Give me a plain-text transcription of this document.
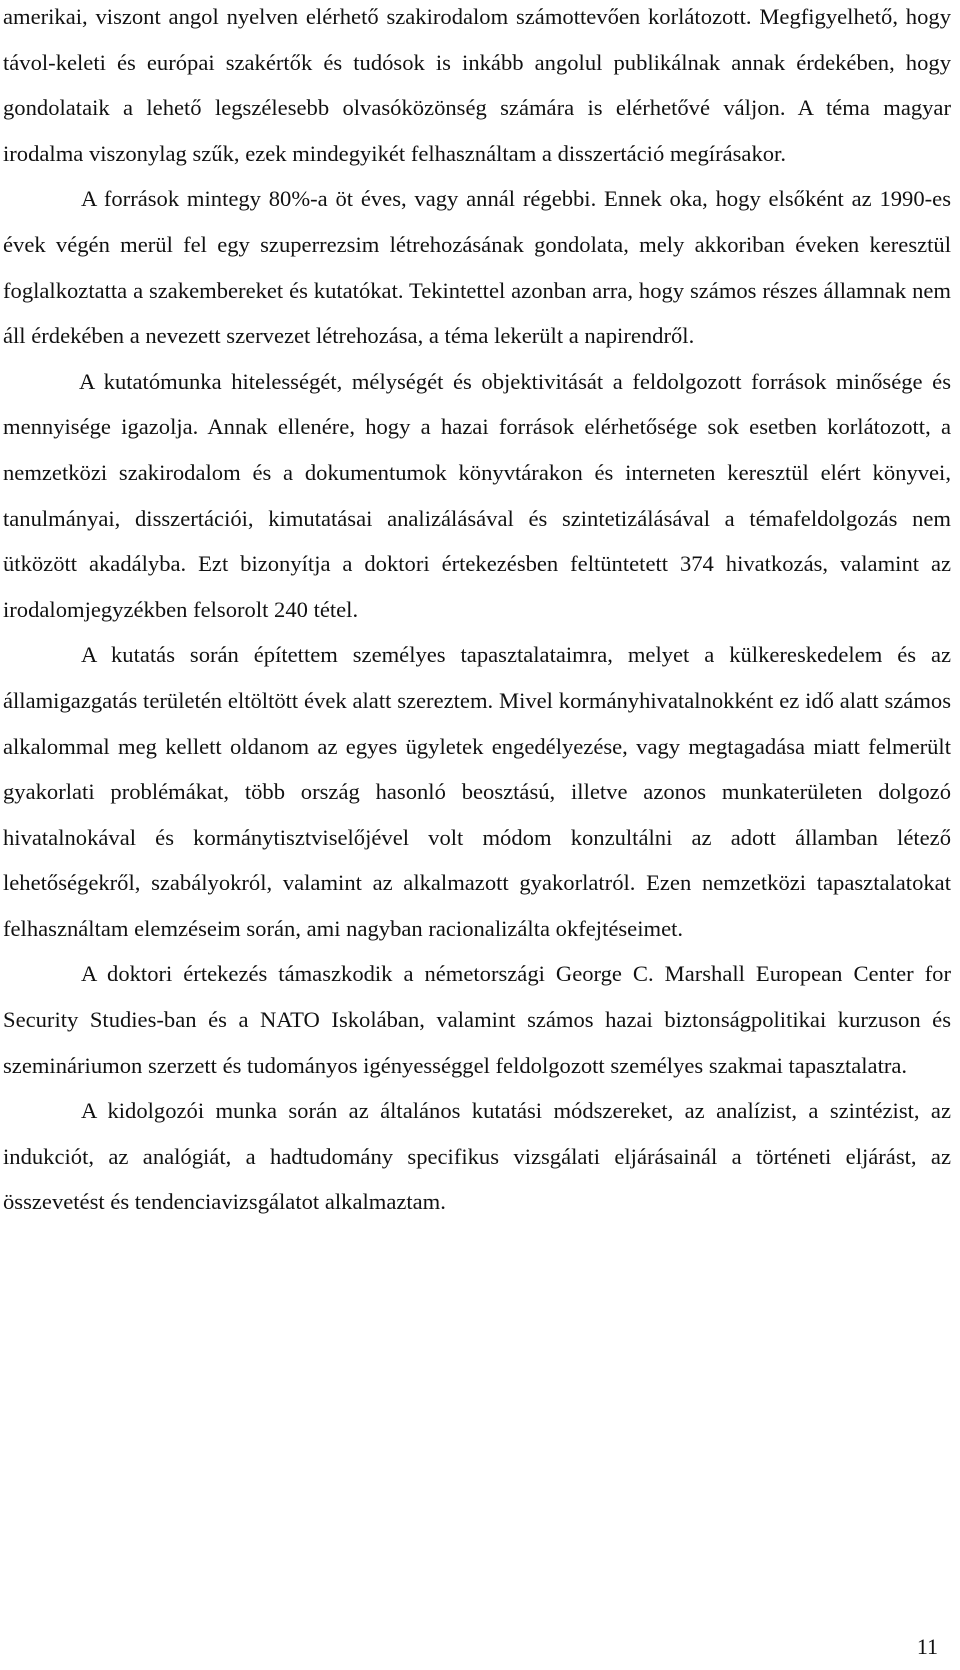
amerikai, viszont angol nyelven elérhető szakirodalom számottevően korlátozott. Megfigyelhető, hogy távol-keleti és európai szakértők és tudósok is inkább angolul publikálnak annak érdekében, hogy gondolataik a lehető legszélesebb olvasóközönség számára is elérhetővé váljon. A téma magyar irodalma viszonylag szűk, ezek mindegyikét felhasználtam a disszertáció megírásakor.

A források mintegy 80%-a öt éves, vagy annál régebbi. Ennek oka, hogy elsőként az 1990-es évek végén merül fel egy szuperrezsim létrehozásának gondolata, mely akkoriban éveken keresztül foglalkoztatta a szakembereket és kutatókat. Tekintettel azonban arra, hogy számos részes államnak nem áll érdekében a nevezett szervezet létrehozása, a téma lekerült a napirendről.

A kutatómunka hitelességét, mélységét és objektivitását a feldolgozott források minősége és mennyisége igazolja. Annak ellenére, hogy a hazai források elérhetősége sok esetben korlátozott, a nemzetközi szakirodalom és a dokumentumok könyvtárakon és interneten keresztül elért könyvei, tanulmányai, disszertációi, kimutatásai analizálásával és szintetizálásával a témafeldolgozás nem ütközött akadályba. Ezt bizonyítja a doktori értekezésben feltüntetett 374 hivatkozás, valamint az irodalomjegyzékben felsorolt 240 tétel.

A kutatás során építettem személyes tapasztalataimra, melyet a külkereskedelem és az államigazgatás területén eltöltött évek alatt szereztem. Mivel kormányhivatalnokként ez idő alatt számos alkalommal meg kellett oldanom az egyes ügyletek engedélyezése, vagy megtagadása miatt felmerült gyakorlati problémákat, több ország hasonló beosztású, illetve azonos munkaterületen dolgozó hivatalnokával és kormánytisztviselőjével volt módom konzultálni az adott államban létező lehetőségekről, szabályokról, valamint az alkalmazott gyakorlatról. Ezen nemzetközi tapasztalatokat felhasználtam elemzéseim során, ami nagyban racionalizálta okfejtéseimet.

A doktori értekezés támaszkodik a németországi George C. Marshall European Center for Security Studies-ban és a NATO Iskolában, valamint számos hazai biztonságpolitikai kurzuson és szemináriumon szerzett és tudományos igényességgel feldolgozott személyes szakmai tapasztalatra.

A kidolgozói munka során az általános kutatási módszereket, az analízist, a szintézist, az indukciót, az analógiát, a hadtudomány specifikus vizsgálati eljárásainál a történeti eljárást, az összevetést és tendenciavizsgálatot alkalmaztam.

11
